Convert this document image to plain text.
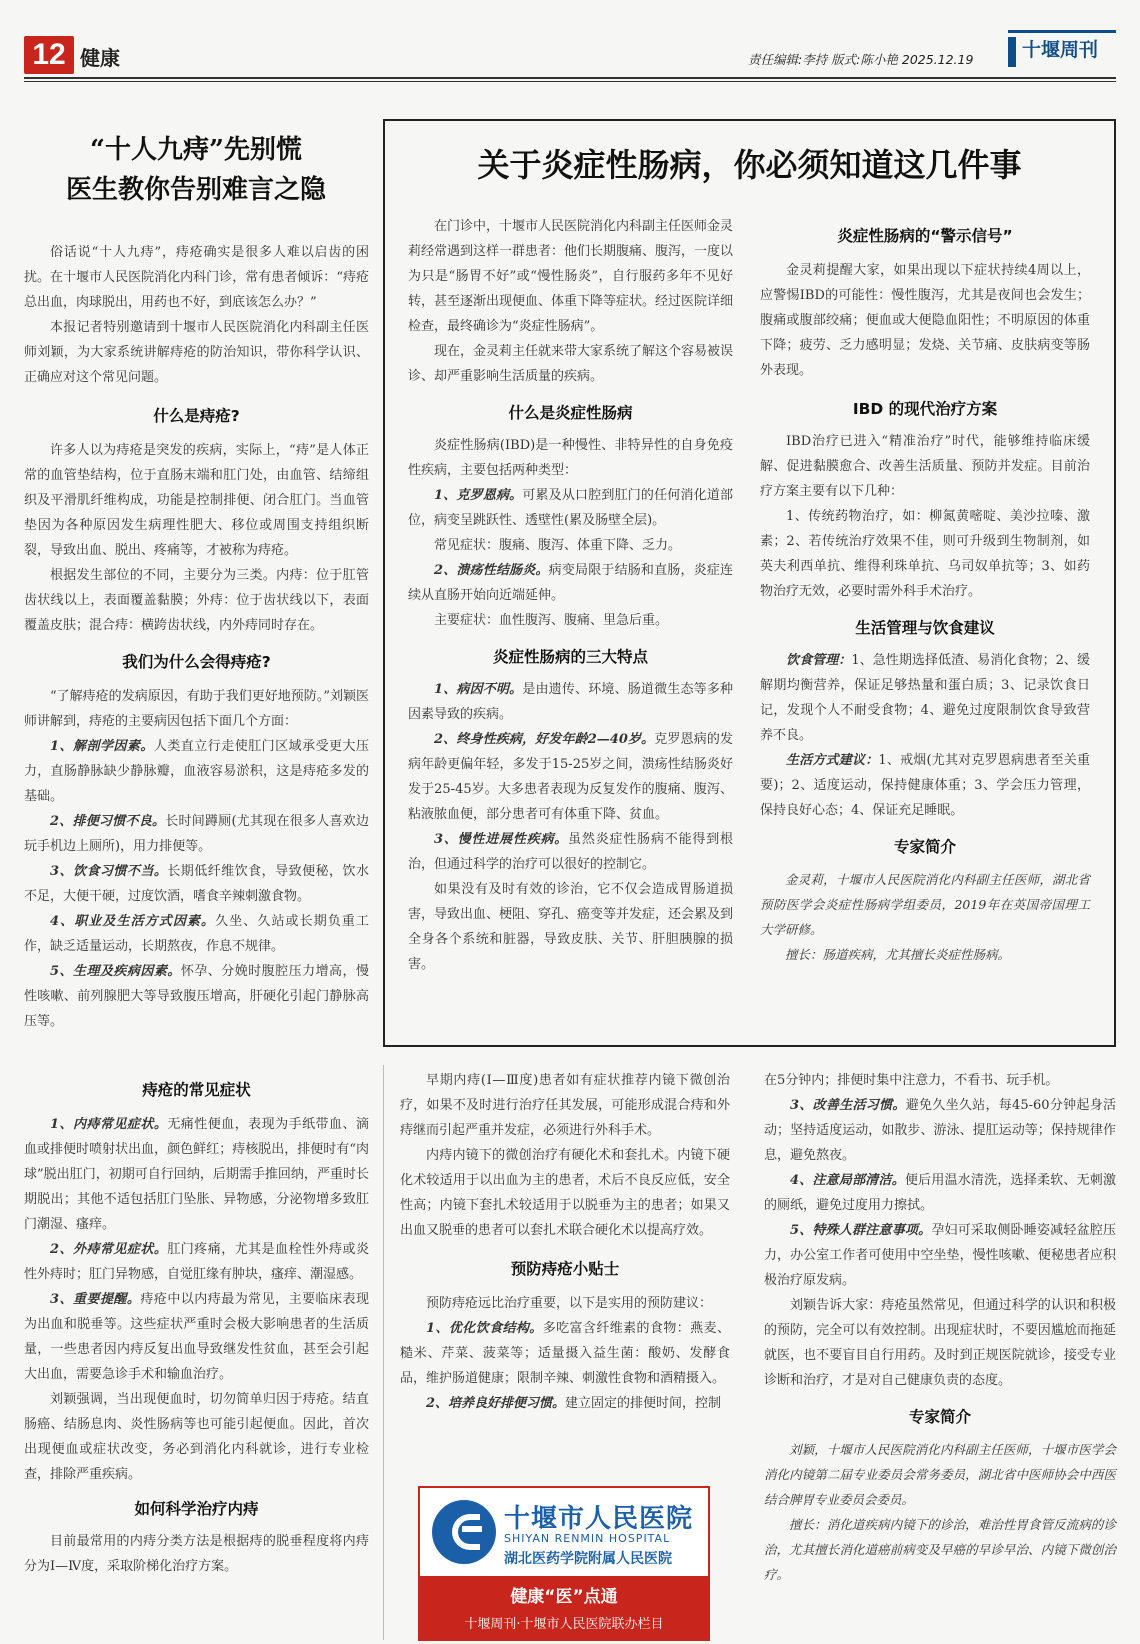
12 健康	责任编辑:李持 版式:陈小艳 2025.12.19	十堰周刊
“十人九痔”先别慌
医生教你告别难言之隐

俗话说“十人九痔”，痔疮确实是很多人难以启齿的困扰。在十堰市人民医院消化内科门诊，常有患者倾诉：“痔疮总出血，肉球脱出，用药也不好，到底该怎么办？”

本报记者特别邀请到十堰市人民医院消化内科副主任医师刘颖，为大家系统讲解痔疮的防治知识，带你科学认识、正确应对这个常见问题。

什么是痔疮?

许多人以为痔疮是突发的疾病，实际上，“痔”是人体正常的血管垫结构，位于直肠末端和肛门处，由血管、结缔组织及平滑肌纤维构成，功能是控制排便、闭合肛门。当血管垫因为各种原因发生病理性肥大、移位或周围支持组织断裂，导致出血、脱出、疼痛等，才被称为痔疮。

根据发生部位的不同，主要分为三类。内痔：位于肛管齿状线以上，表面覆盖黏膜；外痔：位于齿状线以下，表面覆盖皮肤；混合痔：横跨齿状线，内外痔同时存在。

我们为什么会得痔疮?

“了解痔疮的发病原因，有助于我们更好地预防。”刘颖医师讲解到，痔疮的主要病因包括下面几个方面：

1、解剖学因素。人类直立行走使肛门区域承受更大压力，直肠静脉缺少静脉瓣，血液容易淤积，这是痔疮多发的基础。

2、排便习惯不良。长时间蹲厕(尤其现在很多人喜欢边玩手机边上厕所)，用力排便等。

3、饮食习惯不当。长期低纤维饮食，导致便秘，饮水不足，大便干硬，过度饮酒，嗜食辛辣刺激食物。

4、职业及生活方式因素。久坐、久站或长期负重工作，缺乏适量运动，长期熬夜，作息不规律。

5、生理及疾病因素。怀孕、分娩时腹腔压力增高，慢性咳嗽、前列腺肥大等导致腹压增高，肝硬化引起门静脉高压等。

痔疮的常见症状

1、内痔常见症状。无痛性便血，表现为手纸带血、滴血或排便时喷射状出血，颜色鲜红；痔核脱出，排便时有“肉球”脱出肛门，初期可自行回纳，后期需手推回纳，严重时长期脱出；其他不适包括肛门坠胀、异物感，分泌物增多致肛门潮湿、瘙痒。

2、外痔常见症状。肛门疼痛，尤其是血栓性外痔或炎性外痔时；肛门异物感，自觉肛缘有肿块，瘙痒、潮湿感。

3、重要提醒。痔疮中以内痔最为常见，主要临床表现为出血和脱垂等。这些症状严重时会极大影响患者的生活质量，一些患者因内痔反复出血导致继发性贫血，甚至会引起大出血，需要急诊手术和输血治疗。

刘颖强调，当出现便血时，切勿简单归因于痔疮。结直肠癌、结肠息肉、炎性肠病等也可能引起便血。因此，首次出现便血或症状改变，务必到消化内科就诊，进行专业检查，排除严重疾病。

如何科学治疗内痔

目前最常用的内痔分类方法是根据痔的脱垂程度将内痔分为Ⅰ—Ⅳ度，采取阶梯化治疗方案。

早期内痔(Ⅰ—Ⅲ度)患者如有症状推荐内镜下微创治疗，如果不及时进行治疗任其发展，可能形成混合痔和外痔继而引起严重并发症，必须进行外科手术。

内痔内镜下的微创治疗有硬化术和套扎术。内镜下硬化术较适用于以出血为主的患者，术后不良反应低，安全性高；内镜下套扎术较适用于以脱垂为主的患者；如果又出血又脱垂的患者可以套扎术联合硬化术以提高疗效。

预防痔疮小贴士

预防痔疮远比治疗重要，以下是实用的预防建议：

1、优化饮食结构。多吃富含纤维素的食物：燕麦、糙米、芹菜、菠菜等；适量摄入益生菌：酸奶、发酵食品，维护肠道健康；限制辛辣、刺激性食物和酒精摄入。

2、培养良好排便习惯。建立固定的排便时间，控制

在5分钟内；排便时集中注意力，不看书、玩手机。

3、改善生活习惯。避免久坐久站，每45-60分钟起身活动；坚持适度运动，如散步、游泳、提肛运动等；保持规律作息，避免熬夜。

4、注意局部清洁。便后用温水清洗，选择柔软、无刺激的厕纸，避免过度用力擦拭。

5、特殊人群注意事项。孕妇可采取侧卧睡姿减轻盆腔压力，办公室工作者可使用中空坐垫，慢性咳嗽、便秘患者应积极治疗原发病。

刘颖告诉大家：痔疮虽然常见，但通过科学的认识和积极的预防，完全可以有效控制。出现症状时，不要因尴尬而拖延就医，也不要盲目自行用药。及时到正规医院就诊，接受专业诊断和治疗，才是对自己健康负责的态度。

专家简介

刘颖，十堰市人民医院消化内科副主任医师，十堰市医学会消化内镜第二届专业委员会常务委员，湖北省中医师协会中西医结合脾胃专业委员会委员。

擅长：消化道疾病内镜下的诊治，难治性胃食管反流病的诊治，尤其擅长消化道癌前病变及早癌的早诊早治、内镜下微创治疗。

关于炎症性肠病，你必须知道这几件事

在门诊中，十堰市人民医院消化内科副主任医师金灵莉经常遇到这样一群患者：他们长期腹痛、腹泻，一度以为只是“肠胃不好”或“慢性肠炎”，自行服药多年不见好转，甚至逐渐出现便血、体重下降等症状。经过医院详细检查，最终确诊为“炎症性肠病”。

现在，金灵莉主任就来带大家系统了解这个容易被误诊、却严重影响生活质量的疾病。

什么是炎症性肠病

炎症性肠病(IBD)是一种慢性、非特异性的自身免疫性疾病，主要包括两种类型：

1、克罗恩病。可累及从口腔到肛门的任何消化道部位，病变呈跳跃性、透壁性(累及肠壁全层)。

常见症状：腹痛、腹泻、体重下降、乏力。

2、溃疡性结肠炎。病变局限于结肠和直肠，炎症连续从直肠开始向近端延伸。

主要症状：血性腹泻、腹痛、里急后重。

炎症性肠病的三大特点

1、病因不明。是由遗传、环境、肠道微生态等多种因素导致的疾病。

2、终身性疾病，好发年龄2—40岁。克罗恩病的发病年龄更偏年轻，多发于15-25岁之间，溃疡性结肠炎好发于25-45岁。大多患者表现为反复发作的腹痛、腹泻、粘液脓血便，部分患者可有体重下降、贫血。

3、慢性进展性疾病。虽然炎症性肠病不能得到根治，但通过科学的治疗可以很好的控制它。

如果没有及时有效的诊治，它不仅会造成胃肠道损害，导致出血、梗阻、穿孔、癌变等并发症，还会累及到全身各个系统和脏器，导致皮肤、关节、肝胆胰腺的损害。

炎症性肠病的“警示信号”

金灵莉提醒大家，如果出现以下症状持续4周以上，应警惕IBD的可能性：慢性腹泻，尤其是夜间也会发生；腹痛或腹部绞痛；便血或大便隐血阳性；不明原因的体重下降；疲劳、乏力感明显；发烧、关节痛、皮肤病变等肠外表现。

IBD 的现代治疗方案

IBD治疗已进入“精准治疗”时代，能够维持临床缓解、促进黏膜愈合、改善生活质量、预防并发症。目前治疗方案主要有以下几种：

1、传统药物治疗，如：柳氮黄嘧啶、美沙拉嗪、激素；2、若传统治疗效果不佳，则可升级到生物制剂，如英夫利西单抗、维得利珠单抗、乌司奴单抗等；3、如药物治疗无效，必要时需外科手术治疗。

生活管理与饮食建议

饮食管理：1、急性期选择低渣、易消化食物；2、缓解期均衡营养，保证足够热量和蛋白质；3、记录饮食日记，发现个人不耐受食物；4、避免过度限制饮食导致营养不良。

生活方式建议：1、戒烟(尤其对克罗恩病患者至关重要)；2、适度运动，保持健康体重；3、学会压力管理，保持良好心态；4、保证充足睡眠。

专家简介

金灵莉，十堰市人民医院消化内科副主任医师，湖北省预防医学会炎症性肠病学组委员，2019年在英国帝国理工大学研修。

擅长：肠道疾病，尤其擅长炎症性肠病。

十堰市人民医院
SHIYAN RENMIN HOSPITAL
湖北医药学院附属人民医院
健康“医”点通
十堰周刊·十堰市人民医院联办栏目
